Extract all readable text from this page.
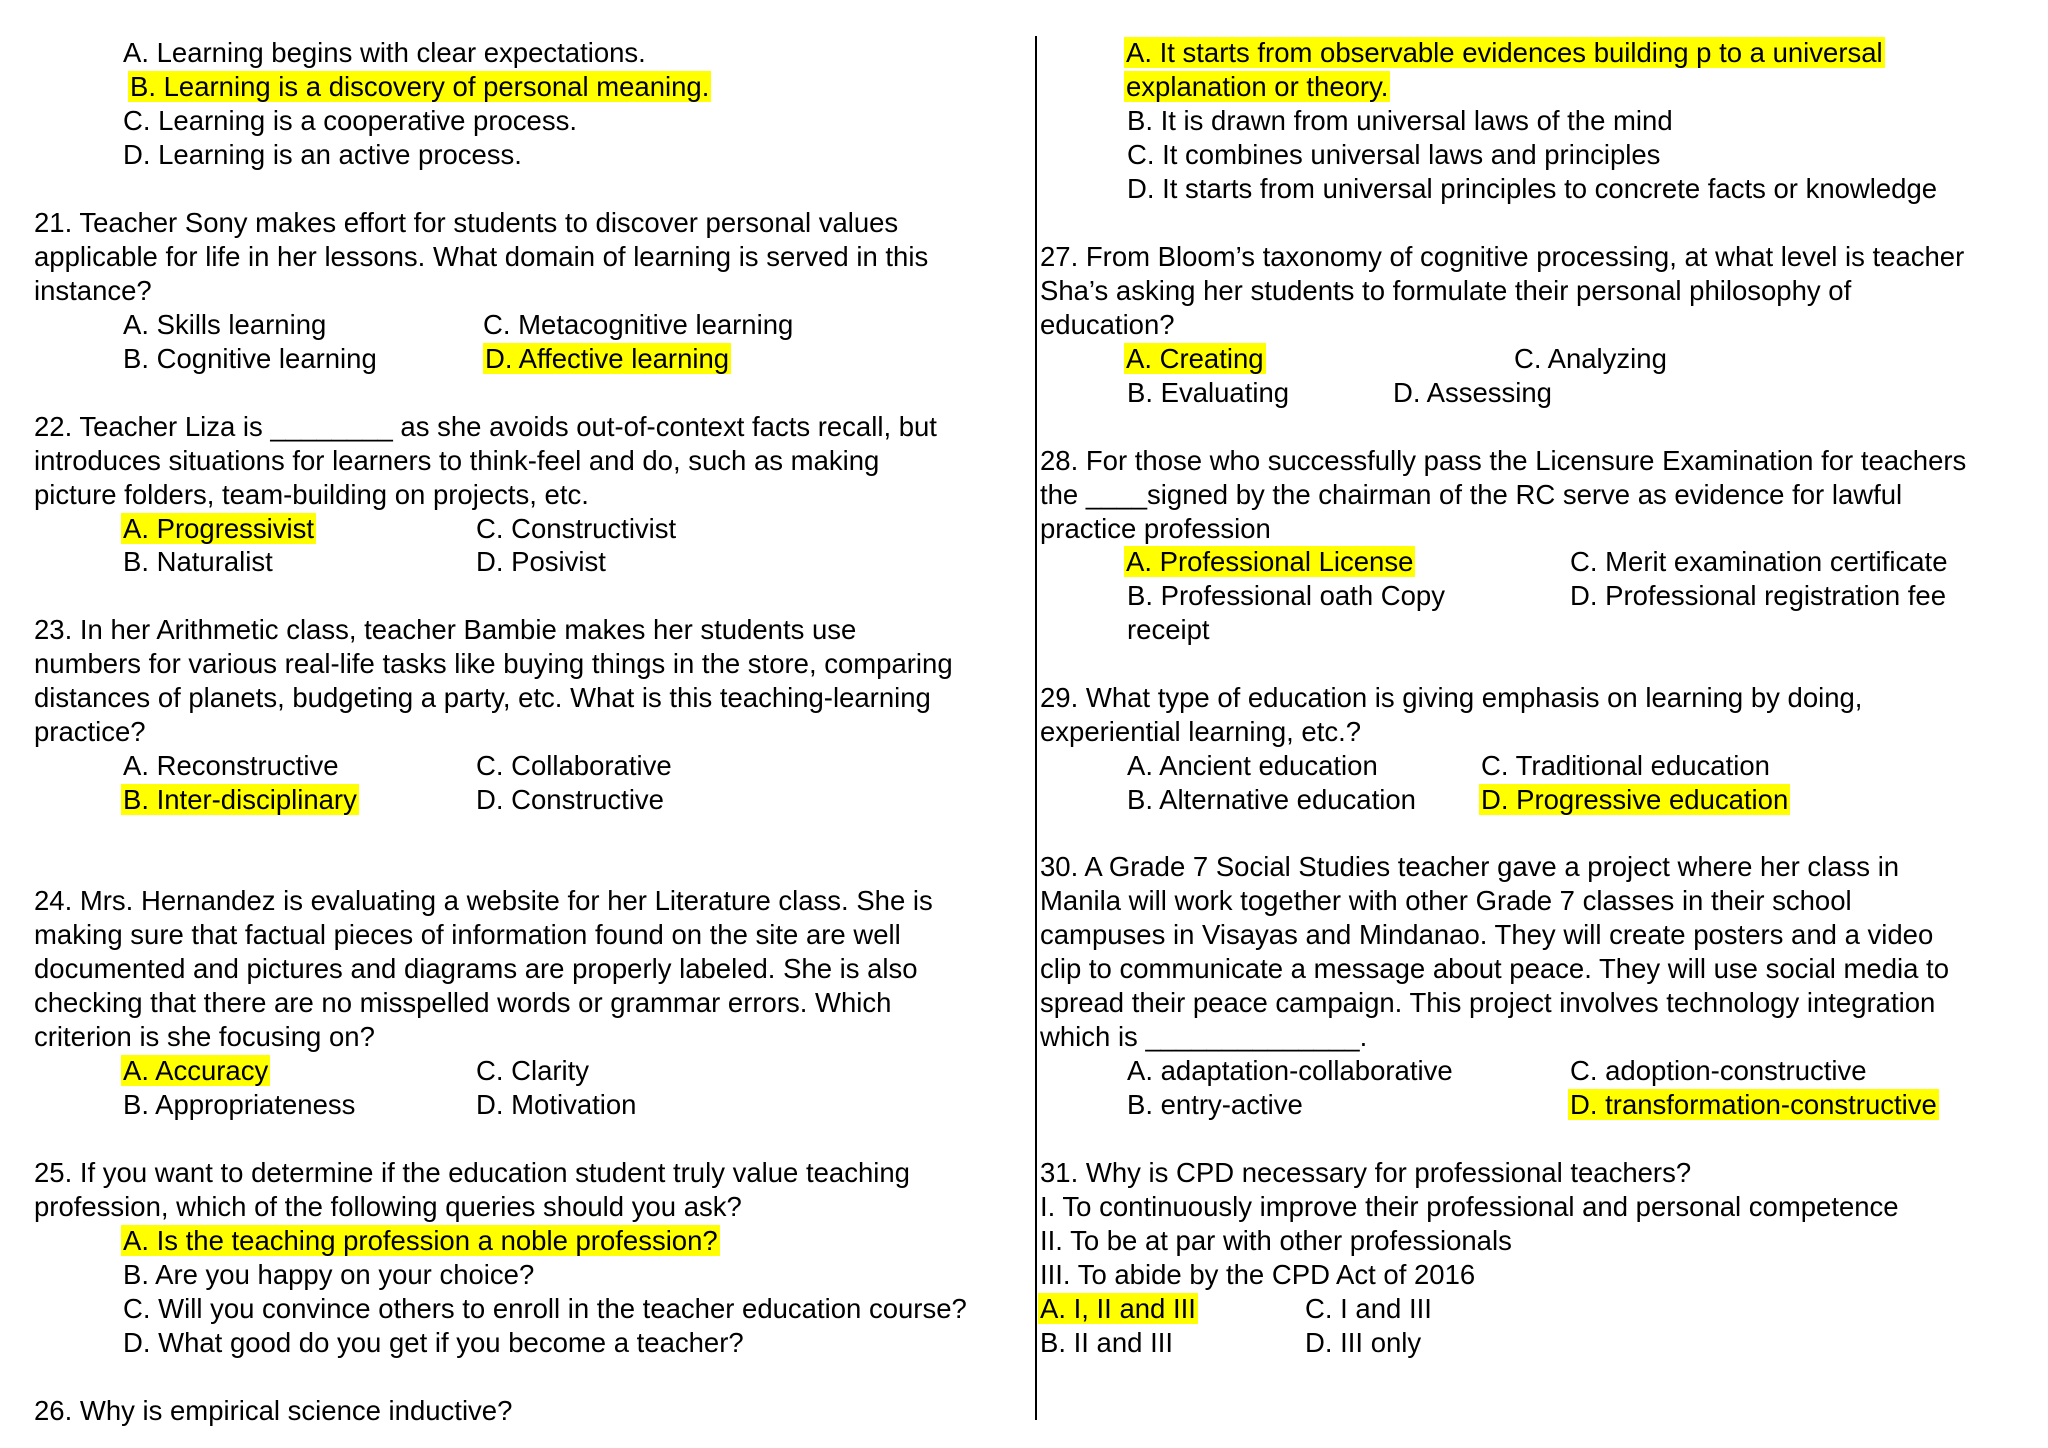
A. Learning begins with clear expectations.
B. Learning is a discovery of personal meaning.
C. Learning is a cooperative process.
D. Learning is an active process.
21. Teacher Sony makes effort for students to discover personal values
applicable for life in her lessons. What domain of learning is served in this
instance?
A. Skills learning	C. Metacognitive learning
B. Cognitive learning	D. Affective learning
22. Teacher Liza is ________ as she avoids out-of-context facts recall, but
introduces situations for learners to think-feel and do, such as making
picture folders, team-building on projects, etc.
A. Progressivist	C. Constructivist
B. Naturalist	D. Posivist
23. In her Arithmetic class, teacher Bambie makes her students use
numbers for various real-life tasks like buying things in the store, comparing
distances of planets, budgeting a party, etc. What is this teaching-learning
practice?
A. Reconstructive	C. Collaborative
B. Inter-disciplinary	D. Constructive
24. Mrs. Hernandez is evaluating a website for her Literature class. She is
making sure that factual pieces of information found on the site are well
documented and pictures and diagrams are properly labeled. She is also
checking that there are no misspelled words or grammar errors. Which
criterion is she focusing on?
A. Accuracy	C. Clarity
B. Appropriateness	D. Motivation
25. If you want to determine if the education student truly value teaching
profession, which of the following queries should you ask?
A. Is the teaching profession a noble profession?
B. Are you happy on your choice?
C. Will you convince others to enroll in the teacher education course?
D. What good do you get if you become a teacher?
26. Why is empirical science inductive?
A. It starts from observable evidences building p to a universal
explanation or theory.
B. It is drawn from universal laws of the mind
C. It combines universal laws and principles
D. It starts from universal principles to concrete facts or knowledge
27. From Bloom’s taxonomy of cognitive processing, at what level is teacher
Sha’s asking her students to formulate their personal philosophy of
education?
A. Creating	C. Analyzing
B. Evaluating	D. Assessing
28. For those who successfully pass the Licensure Examination for teachers
the ____signed by the chairman of the RC serve as evidence for lawful
practice profession
A. Professional License	C. Merit examination certificate
B. Professional oath Copy	D. Professional registration fee
receipt
29. What type of education is giving emphasis on learning by doing,
experiential learning, etc.?
A. Ancient education	C. Traditional education
B. Alternative education D. Progressive education
30. A Grade 7 Social Studies teacher gave a project where her class in
Manila will work together with other Grade 7 classes in their school
campuses in Visayas and Mindanao. They will create posters and a video
clip to communicate a message about peace. They will use social media to
spread their peace campaign. This project involves technology integration
which is ______________.
A. adaptation-collaborative	C. adoption-constructive
B. entry-active	D. transformation-constructive
31. Why is CPD necessary for professional teachers?
I. To continuously improve their professional and personal competence
II. To be at par with other professionals
III. To abide by the CPD Act of 2016
A. I, II and III	C. I and III
B. II and III	D. III only
